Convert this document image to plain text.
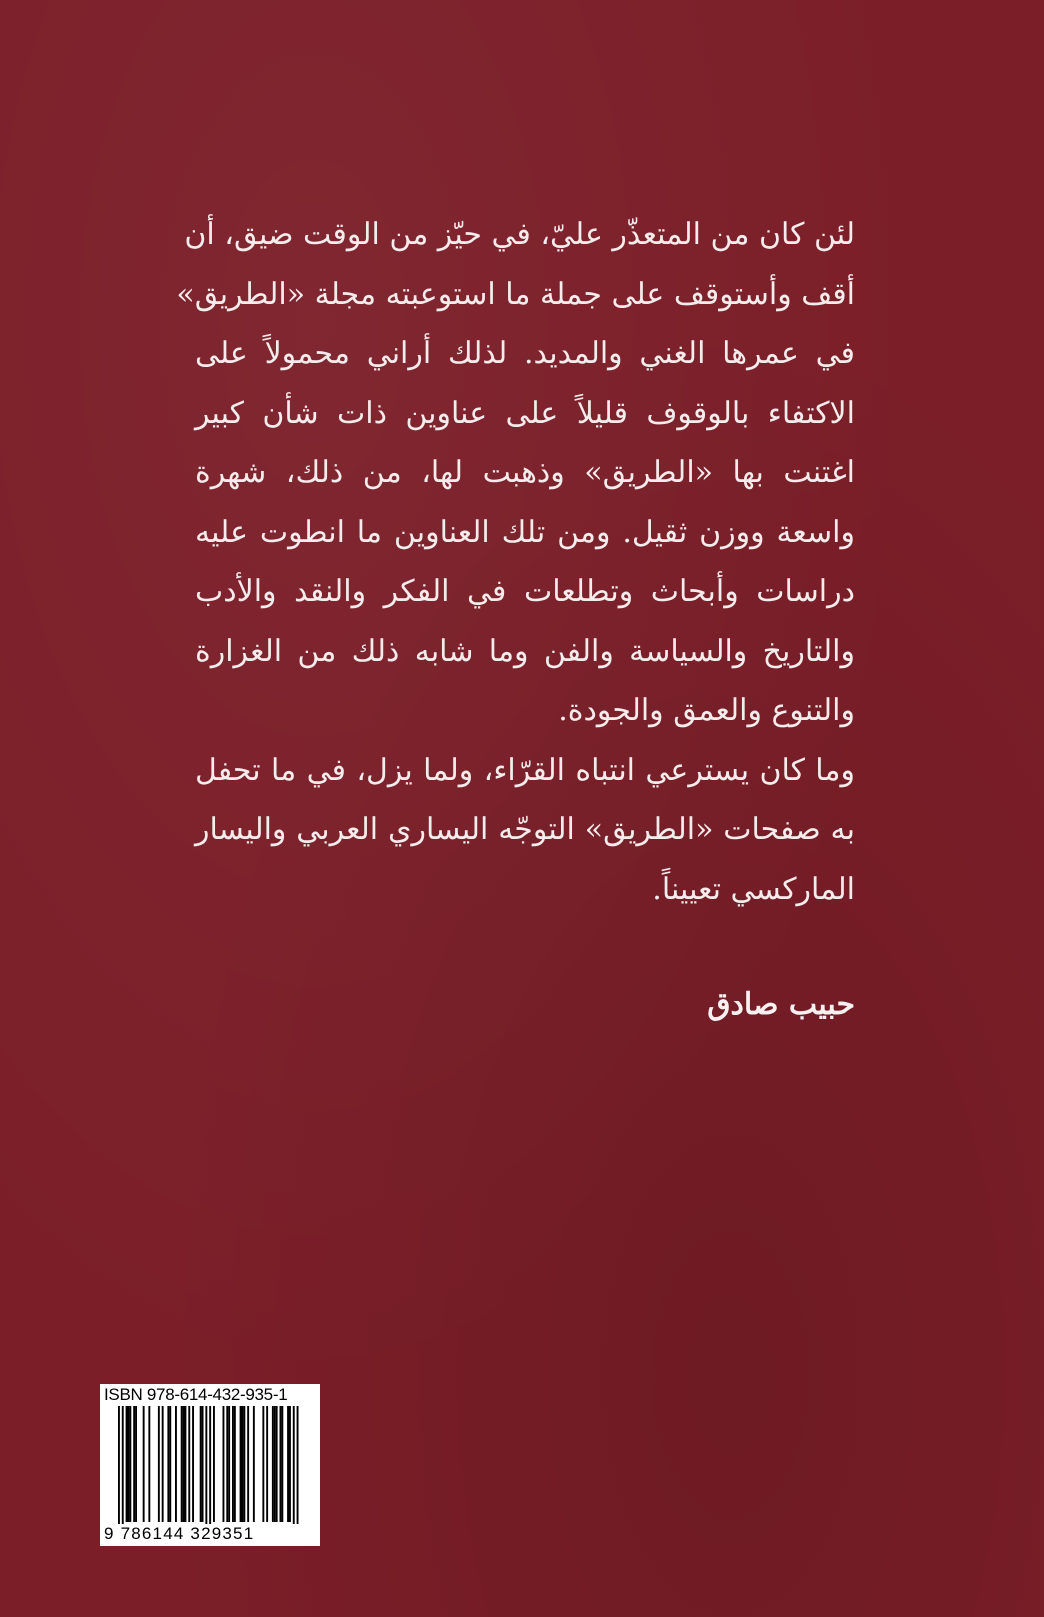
لئن كان من المتعذّر عليّ، في حيّز من الوقت ضيق، أن
أقف وأستوقف على جملة ما استوعبته مجلة «الطريق»
في عمرها الغني والمديد. لذلك أراني محمولاً على
الاكتفاء بالوقوف قليلاً على عناوين ذات شأن كبير
اغتنت بها «الطريق» وذهبت لها، من ذلك، شهرة
واسعة ووزن ثقيل. ومن تلك العناوين ما انطوت عليه
دراسات وأبحاث وتطلعات في الفكر والنقد والأدب
والتاريخ والسياسة والفن وما شابه ذلك من الغزارة
والتنوع والعمق والجودة.
وما كان يسترعي انتباه القرّاء، ولما يزل، في ما تحفل
به صفحات «الطريق» التوجّه اليساري العربي واليسار
الماركسي تعييناً.
حبيب صادق
ISBN 978-614-432-935-1
9 786144 329351
